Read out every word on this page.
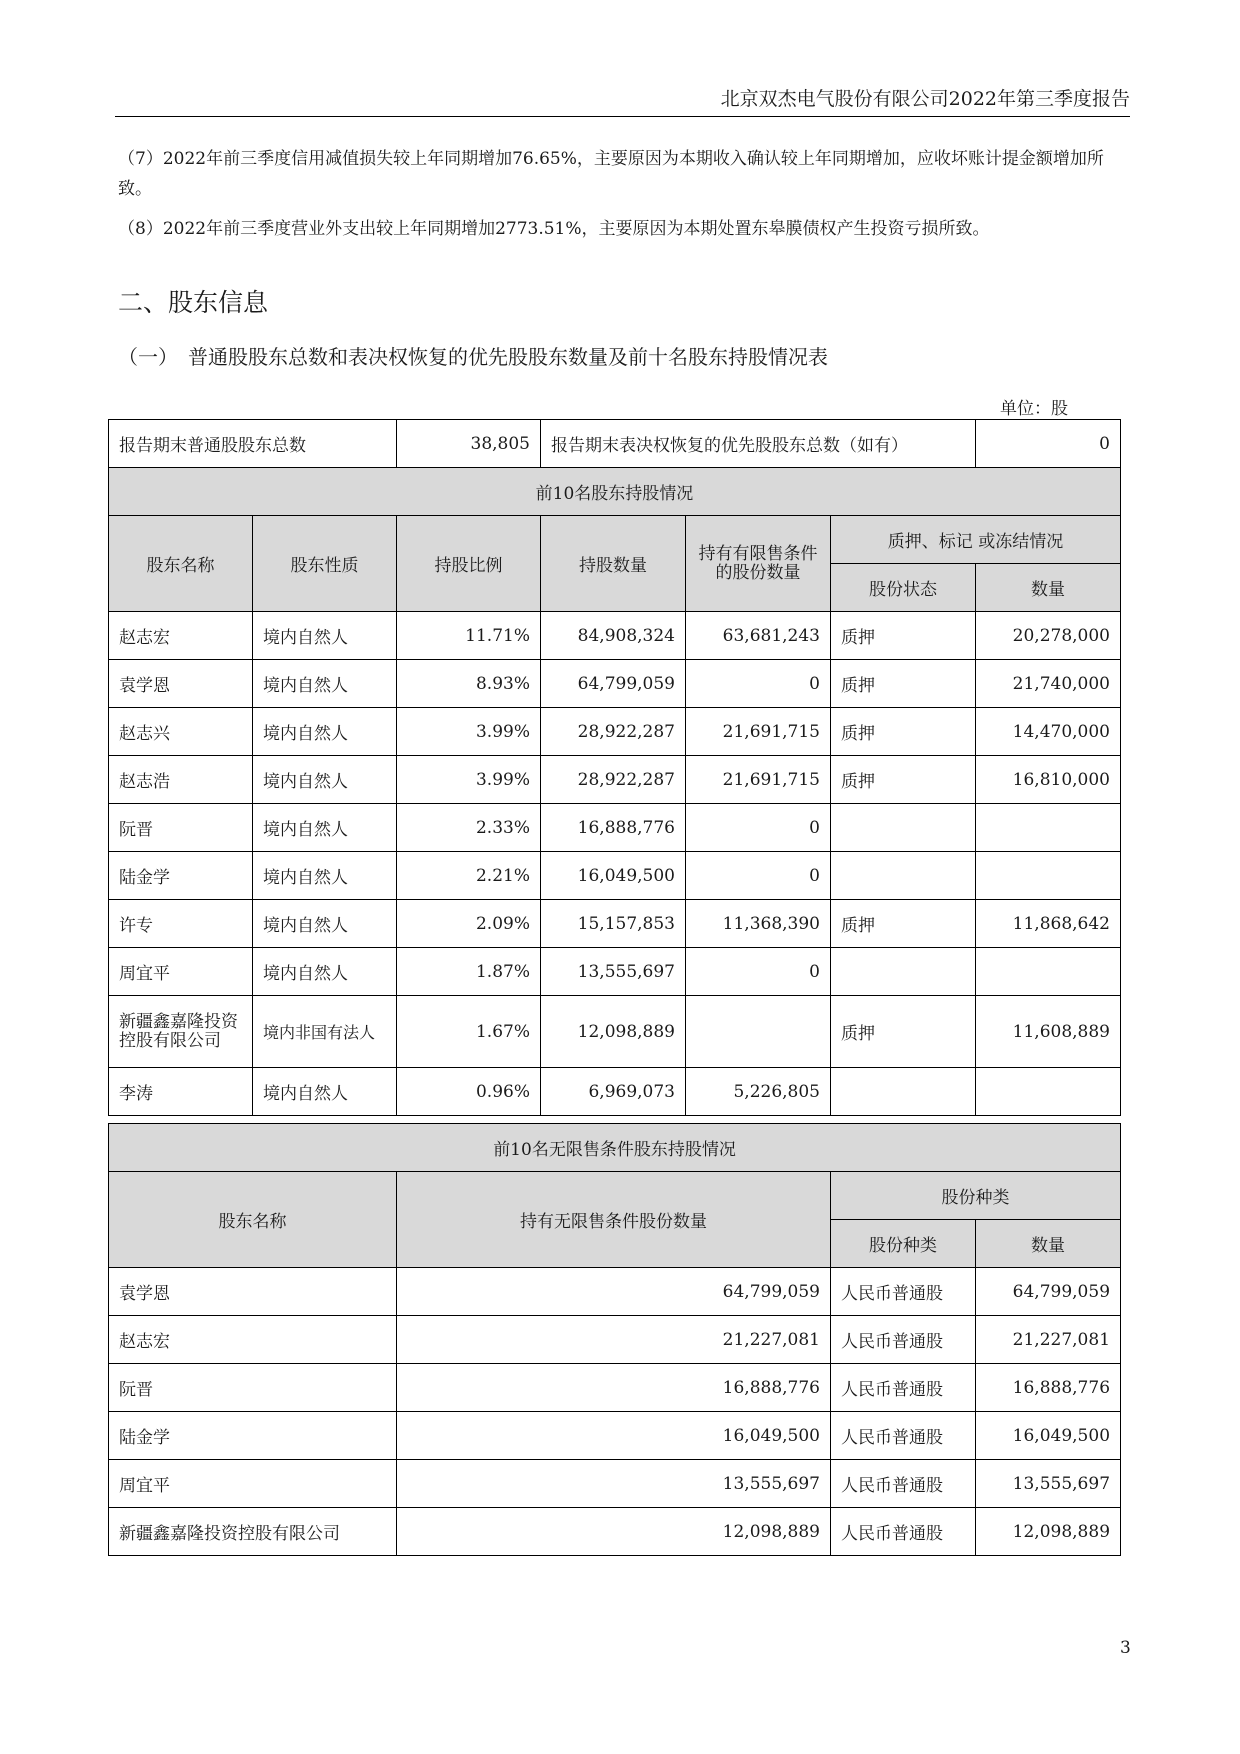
北京双杰电气股份有限公司2022年第三季度报告
（7）2022年前三季度信用减值损失较上年同期增加76.65%，主要原因为本期收入确认较上年同期增加，应收坏账计提金额增加所致。
（8）2022年前三季度营业外支出较上年同期增加2773.51%，主要原因为本期处置东皋膜债权产生投资亏损所致。
二、股东信息
（一）　普通股股东总数和表决权恢复的优先股股东数量及前十名股东持股情况表
单位：股
报告期末普通股股东总数		38,805	报告期末表决权恢复的优先股股东总数（如有）			0
前10名股东持股情况						
股东名称	股东性质	持股比例	持股数量	持有有限售条件的股份数量	质押、标记 或冻结情况	
					股份状态	数量
赵志宏	境内自然人	11.71%	84,908,324	63,681,243	质押	20,278,000
袁学恩	境内自然人	8.93%	64,799,059	0	质押	21,740,000
赵志兴	境内自然人	3.99%	28,922,287	21,691,715	质押	14,470,000
赵志浩	境内自然人	3.99%	28,922,287	21,691,715	质押	16,810,000
阮晋	境内自然人	2.33%	16,888,776	0		
陆金学	境内自然人	2.21%	16,049,500	0		
许专	境内自然人	2.09%	15,157,853	11,368,390	质押	11,868,642
周宜平	境内自然人	1.87%	13,555,697	0		
新疆鑫嘉隆投资控股有限公司	境内非国有法人	1.67%	12,098,889		质押	11,608,889
李涛	境内自然人	0.96%	6,969,073	5,226,805		
前10名无限售条件股东持股情况			
股东名称	持有无限售条件股份数量	股份种类	
		股份种类	数量
袁学恩	64,799,059	人民币普通股	64,799,059
赵志宏	21,227,081	人民币普通股	21,227,081
阮晋	16,888,776	人民币普通股	16,888,776
陆金学	16,049,500	人民币普通股	16,049,500
周宜平	13,555,697	人民币普通股	13,555,697
新疆鑫嘉隆投资控股有限公司	12,098,889	人民币普通股	12,098,889
3
